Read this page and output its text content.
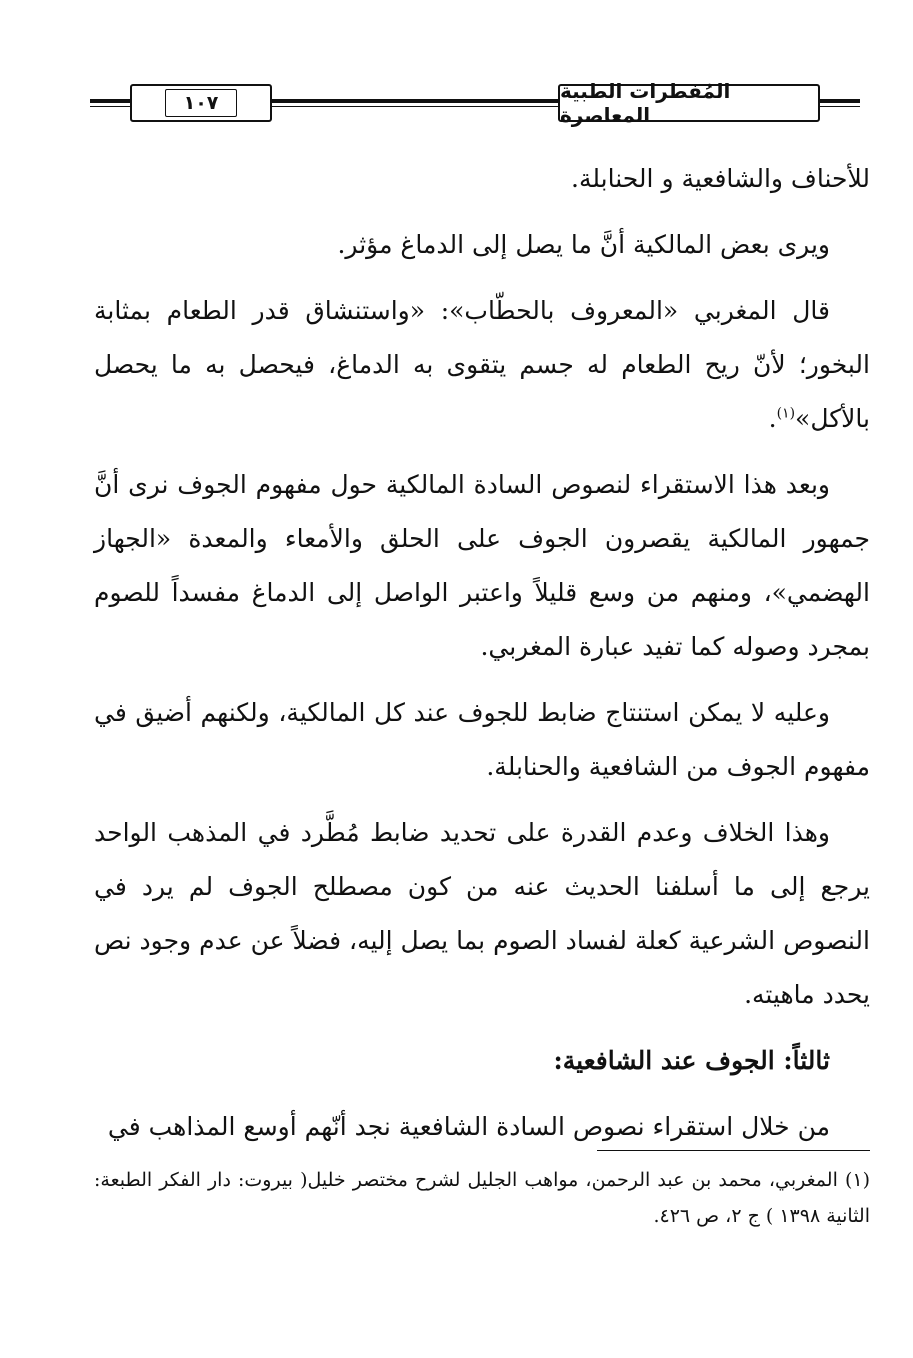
١٠٧	المُفطرات الطبية المعاصرة

للأحناف والشافعية و الحنابلة.

ويرى بعض المالكية أنَّ ما يصل إلى الدماغ مؤثر.

قال المغربي «المعروف بالحطّاب»: «واستنشاق قدر الطعام بمثابة البخور؛ لأنّ ريح الطعام له جسم يتقوى به الدماغ، فيحصل به ما يحصل بالأكل»$^{(١)}$.

وبعد هذا الاستقراء لنصوص السادة المالكية حول مفهوم الجوف نرى أنَّ جمهور المالكية يقصرون الجوف على الحلق والأمعاء والمعدة «الجهاز الهضمي»، ومنهم من وسع قليلاً واعتبر الواصل إلى الدماغ مفسداً للصوم بمجرد وصوله كما تفيد عبارة المغربي.

وعليه لا يمكن استنتاج ضابط للجوف عند كل المالكية، ولكنهم أضيق في مفهوم الجوف من الشافعية والحنابلة.

وهذا الخلاف وعدم القدرة على تحديد ضابط مُطَّرد في المذهب الواحد يرجع إلى ما أسلفنا الحديث عنه من كون مصطلح الجوف لم يرد في النصوص الشرعية كعلة لفساد الصوم بما يصل إليه، فضلاً عن عدم وجود نص يحدد ماهيته.

ثالثاً: الجوف عند الشافعية:

من خلال استقراء نصوص السادة الشافعية نجد أنّهم أوسع المذاهب في

(١) المغربي، محمد بن عبد الرحمن، مواهب الجليل لشرح مختصر خليل( بيروت: دار الفكر الطبعة: الثانية ١٣٩٨ ) ج ٢، ص ٤٢٦.
